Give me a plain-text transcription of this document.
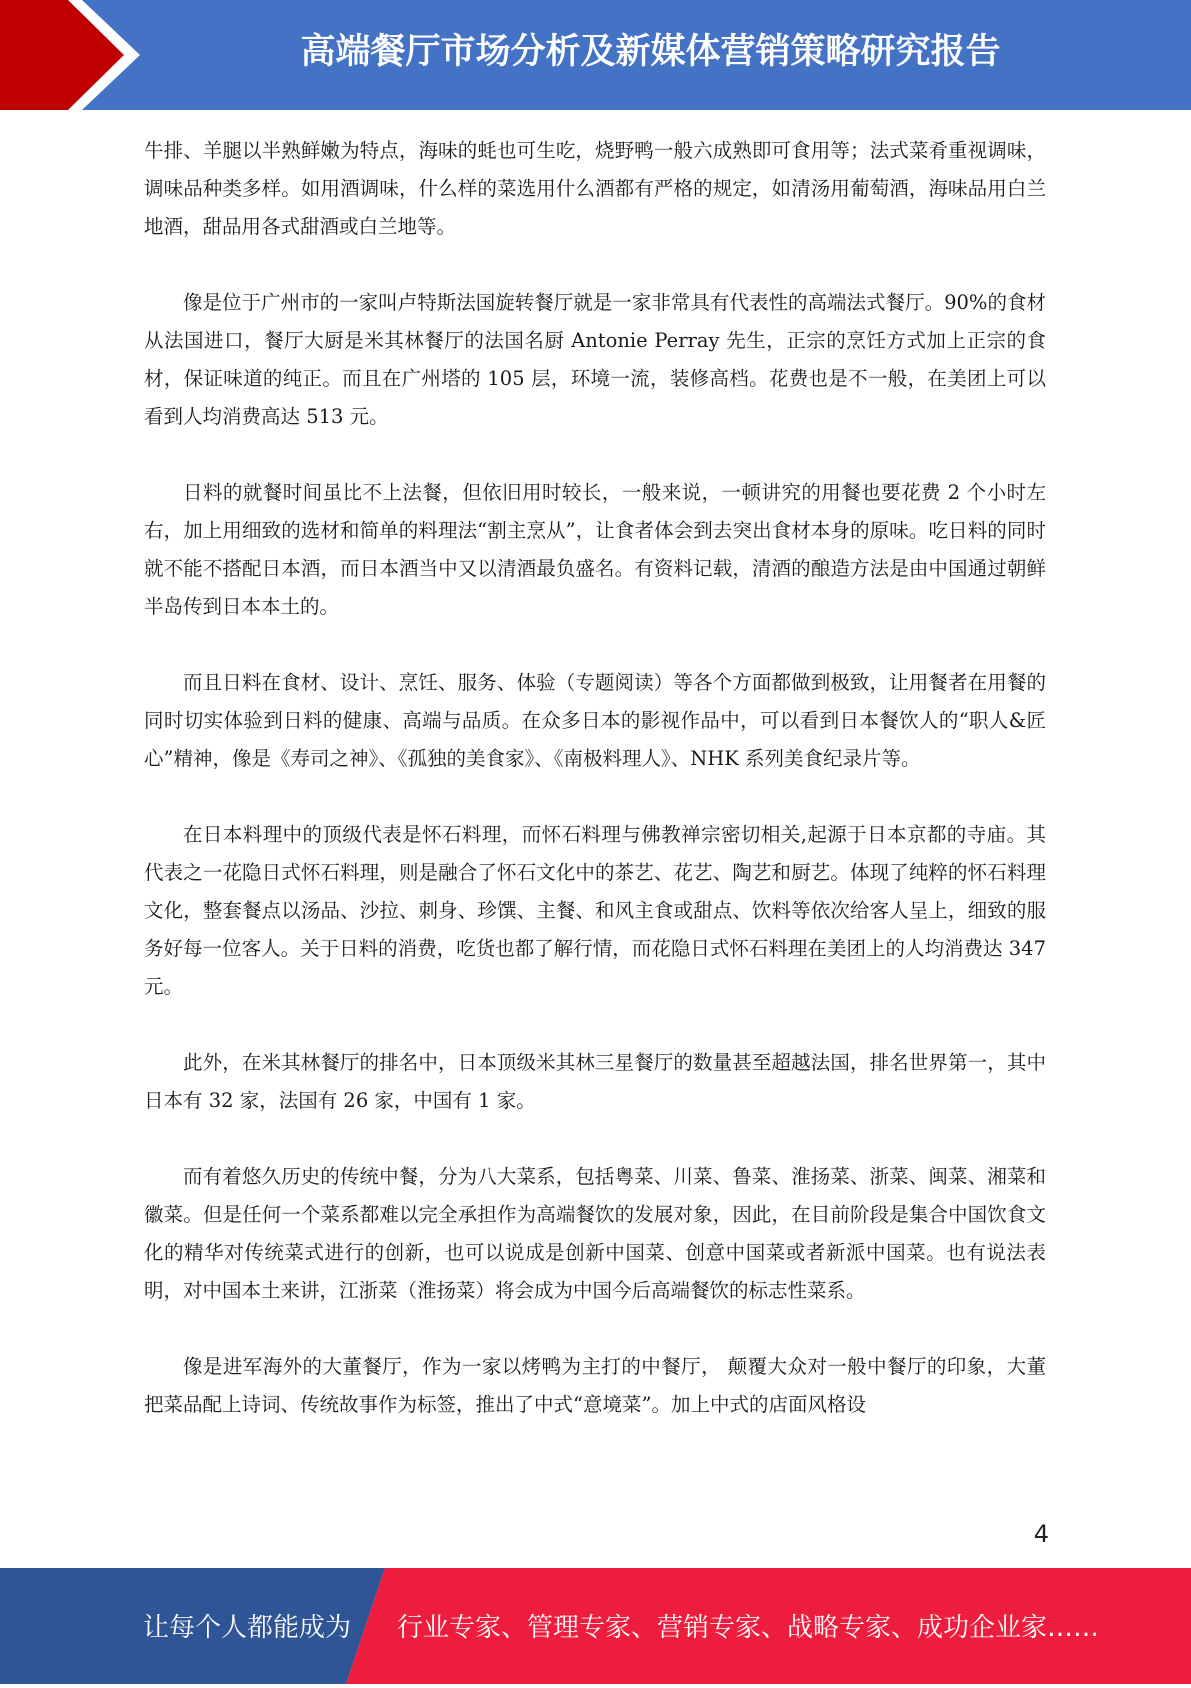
高端餐厅市场分析及新媒体营销策略研究报告

牛排、羊腿以半熟鲜嫩为特点，海味的蚝也可生吃，烧野鸭一般六成熟即可食用等；法式菜肴重视调味，调味品种类多样。如用酒调味，什么样的菜选用什么酒都有严格的规定，如清汤用葡萄酒，海味品用白兰地酒，甜品用各式甜酒或白兰地等。

像是位于广州市的一家叫卢特斯法国旋转餐厅就是一家非常具有代表性的高端法式餐厅。90%的食材从法国进口，餐厅大厨是米其林餐厅的法国名厨 Antonie Perray 先生，正宗的烹饪方式加上正宗的食材，保证味道的纯正。而且在广州塔的 105 层，环境一流，装修高档。花费也是不一般，在美团上可以看到人均消费高达 513 元。

日料的就餐时间虽比不上法餐，但依旧用时较长，一般来说，一顿讲究的用餐也要花费 2 个小时左右，加上用细致的选材和简单的料理法“割主烹从”，让食者体会到去突出食材本身的原味。吃日料的同时就不能不搭配日本酒，而日本酒当中又以清酒最负盛名。有资料记载，清酒的酿造方法是由中国通过朝鲜半岛传到日本本土的。

而且日料在食材、设计、烹饪、服务、体验（专题阅读）等各个方面都做到极致，让用餐者在用餐的同时切实体验到日料的健康、高端与品质。在众多日本的影视作品中，可以看到日本餐饮人的“职人&匠心”精神，像是《寿司之神》、《孤独的美食家》、《南极料理人》、NHK 系列美食纪录片等。

在日本料理中的顶级代表是怀石料理，而怀石料理与佛教禅宗密切相关,起源于日本京都的寺庙。其代表之一花隐日式怀石料理，则是融合了怀石文化中的茶艺、花艺、陶艺和厨艺。体现了纯粹的怀石料理文化，整套餐点以汤品、沙拉、刺身、珍馔、主餐、和风主食或甜点、饮料等依次给客人呈上，细致的服务好每一位客人。关于日料的消费，吃货也都了解行情，而花隐日式怀石料理在美团上的人均消费达 347 元。

此外，在米其林餐厅的排名中，日本顶级米其林三星餐厅的数量甚至超越法国，排名世界第一，其中日本有 32 家，法国有 26 家，中国有 1 家。

而有着悠久历史的传统中餐，分为八大菜系，包括粤菜、川菜、鲁菜、淮扬菜、浙菜、闽菜、湘菜和徽菜。但是任何一个菜系都难以完全承担作为高端餐饮的发展对象，因此，在目前阶段是集合中国饮食文化的精华对传统菜式进行的创新，也可以说成是创新中国菜、创意中国菜或者新派中国菜。也有说法表明，对中国本土来讲，江浙菜（淮扬菜）将会成为中国今后高端餐饮的标志性菜系。

像是进军海外的大董餐厅，作为一家以烤鸭为主打的中餐厅， 颠覆大众对一般中餐厅的印象，大董把菜品配上诗词、传统故事作为标签，推出了中式“意境菜”。加上中式的店面风格设

4
让每个人都能成为 行业专家、管理专家、营销专家、战略专家、成功企业家……
